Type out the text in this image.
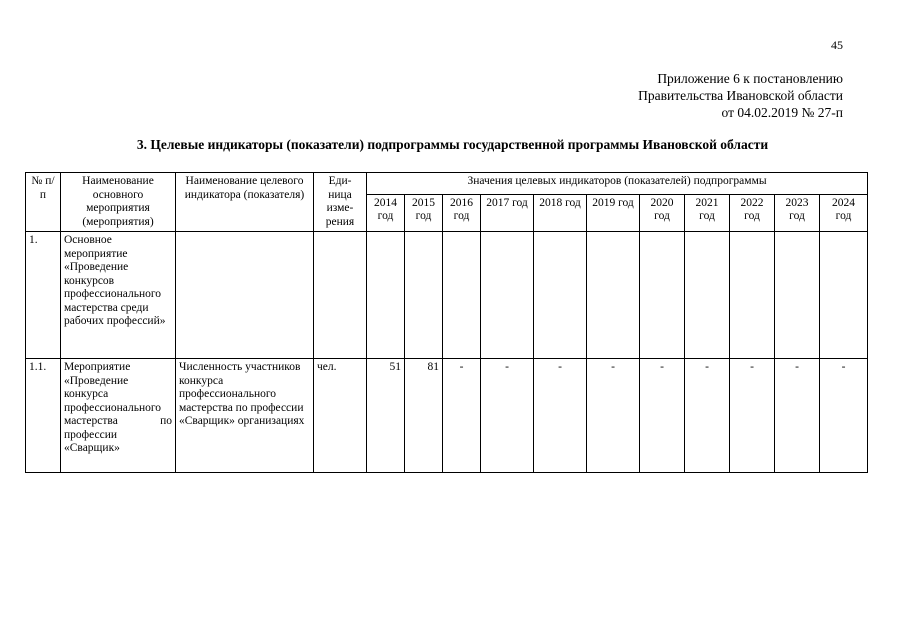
45
Приложение 6 к постановлению
Правительства Ивановской области
от 04.02.2019 № 27-п
3. Целевые индикаторы (показатели) подпрограммы государственной программы Ивановской области
№ п/п	Наименование основного мероприятия (мероприятия)	Наименование целевого индикатора (показателя)	Еди-ница изме-рения	Значения целевых индикаторов (показателей) подпрограммы										
				2014 год	2015 год	2016 год	2017 год	2018 год	2019 год	2020 год	2021 год	2022 год	2023 год	2024 год
1.	Основное мероприятие «Проведение конкурсов профессионального мастерства среди рабочих профессий»													
1.1.	Мероприятие «Проведение конкурса профессионального мастерства по профессии «Сварщик»	Численность участников конкурса профессионального мастерства по профессии «Сварщик» организациях	чел.	51	81	-	-	-	-	-	-	-	-	-
